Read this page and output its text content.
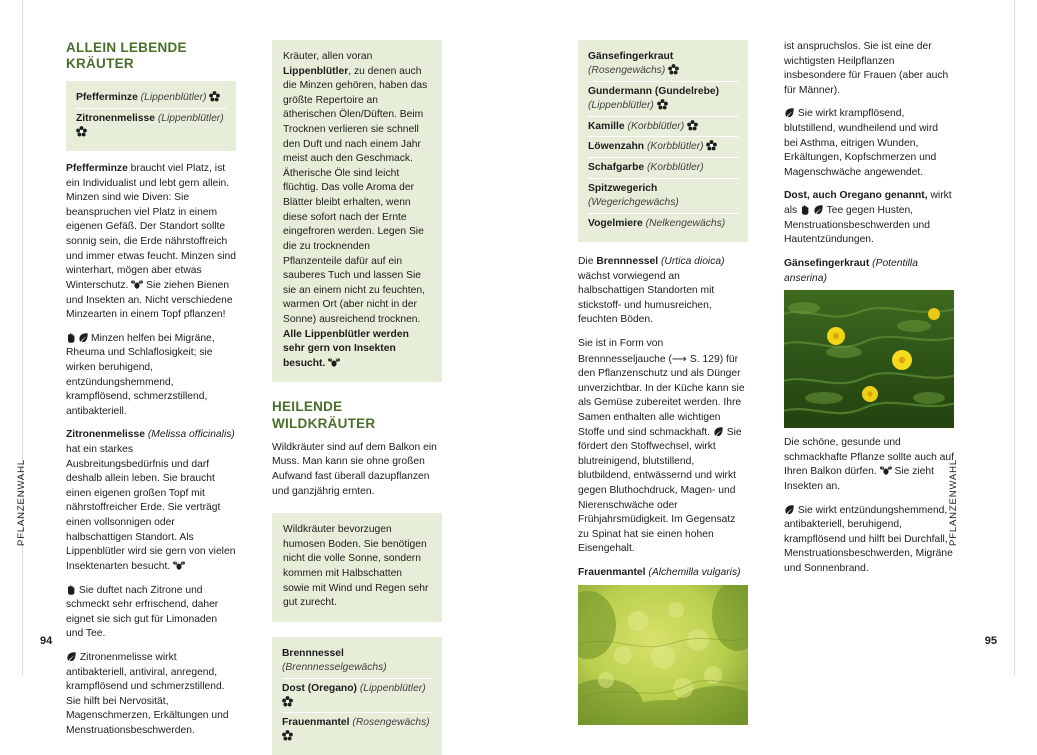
PFLANZENWAHL	PFLANZENWAHL
94	95
ALLEIN LEBENDE KRÄUTER
Pfefferminze (Lippenblütler)
Zitronenmelisse (Lippenblütler)

Pfefferminze braucht viel Platz, ist ein Individualist und lebt gern allein. Minzen sind wie Diven: Sie beanspruchen viel Platz in einem eigenen Gefäß. Der Standort sollte sonnig sein, die Erde nährstoffreich und immer etwas feucht. Minzen sind winterhart, mögen aber etwas Winterschutz.  Sie ziehen Bienen und Insekten an. Nicht verschiedene Minzearten in einem Topf pflanzen!

Minzen helfen bei Migräne, Rheuma und Schlaflosigkeit; sie wirken beruhigend, entzündungshemmend, krampflösend, schmerzstillend, antibakteriell.

Zitronenmelisse (Melissa officinalis) hat ein starkes Ausbreitungsbedürfnis und darf deshalb allein leben. Sie braucht einen eigenen großen Topf mit nährstoffreicher Erde. Sie verträgt einen vollsonnigen oder halbschattigen Standort. Als Lippenblütler wird sie gern von vielen Insektenarten besucht.

Sie duftet nach Zitrone und schmeckt sehr erfrischend, daher eignet sie sich gut für Limonaden und Tee.

Zitronenmelisse wirkt antibakteriell, antiviral, anregend, krampflösend und schmerzstillend. Sie hilft bei Nervosität, Magenschmerzen, Erkältungen und Menstruationsbeschwerden.

Kräuter, allen voran Lippenblütler, zu denen auch die Minzen gehören, haben das größte Repertoire an ätherischen Ölen/Düften. Beim Trocknen verlieren sie schnell den Duft und nach einem Jahr meist auch den Geschmack. Ätherische Öle sind leicht flüchtig. Das volle Aroma der Blätter bleibt erhalten, wenn diese sofort nach der Ernte eingefroren werden. Legen Sie die zu trocknenden Pflanzenteile dafür auf ein sauberes Tuch und lassen Sie sie an einem nicht zu feuchten, warmen Ort (aber nicht in der Sonne) ausreichend trocknen. Alle Lippenblütler werden sehr gern von Insekten besucht.
HEILENDE WILDKRÄUTER

Wildkräuter sind auf dem Balkon ein Muss. Man kann sie ohne großen Aufwand fast überall dazupflanzen und ganzjährig ernten.

Wildkräuter bevorzugen humosen Boden. Sie benötigen nicht die volle Sonne, sondern kommen mit Halbschatten sowie mit Wind und Regen sehr gut zurecht.
Brennnessel (Brennnesselgewächs)
Dost (Oregano) (Lippenblütler)
Frauenmantel (Rosengewächs)
Gänsefingerkraut (Rosengewächs)
Gundermann (Gundelrebe)
(Lippenblütler)
Kamille (Korbblütler)
Löwenzahn (Korbblütler)
Schafgarbe (Korbblütler)
Spitzwegerich (Wegerichgewächs)
Vogelmiere (Nelkengewächs)

Die Brennnessel (Urtica dioica) wächst vorwiegend an halbschattigen Standorten mit stickstoff- und humusreichen, feuchten Böden.

Sie ist in Form von Brennnesseljauche (⟶ S. 129) für den Pflanzenschutz und als Dünger unverzichtbar. In der Küche kann sie als Gemüse zubereitet werden. Ihre Samen enthalten alle wichtigen Stoffe und sind schmackhaft.  Sie fördert den Stoffwechsel, wirkt blutreinigend, blutstillend, blutbildend, entwässernd und wirkt gegen Bluthochdruck, Magen- und Nierenschwäche oder Frühjahrsmüdigkeit. Im Gegensatz zu Spinat hat sie einen hohen Eisengehalt.

Frauenmantel (Alchemilla vulgaris)

ist anspruchslos. Sie ist eine der wichtigsten Heilpflanzen insbesondere für Frauen (aber auch für Männer).

Sie wirkt krampflösend, blutstillend, wundheilend und wird bei Asthma, eitrigen Wunden, Erkältungen, Kopfschmerzen und Magenschwäche angewendet.

Dost, auch Oregano genannt, wirkt als	Tee gegen Husten, Menstruationsbeschwerden und Hautentzündungen.

Gänsefingerkraut (Potentilla anserina)

Die schöne, gesunde und schmackhafte Pflanze sollte auch auf Ihren Balkon dürfen.  Sie zieht Insekten an.

Sie wirkt entzündungshemmend, antibakteriell, beruhigend, krampflösend und hilft bei Durchfall, Menstruationsbeschwerden, Migräne und Sonnenbrand.
